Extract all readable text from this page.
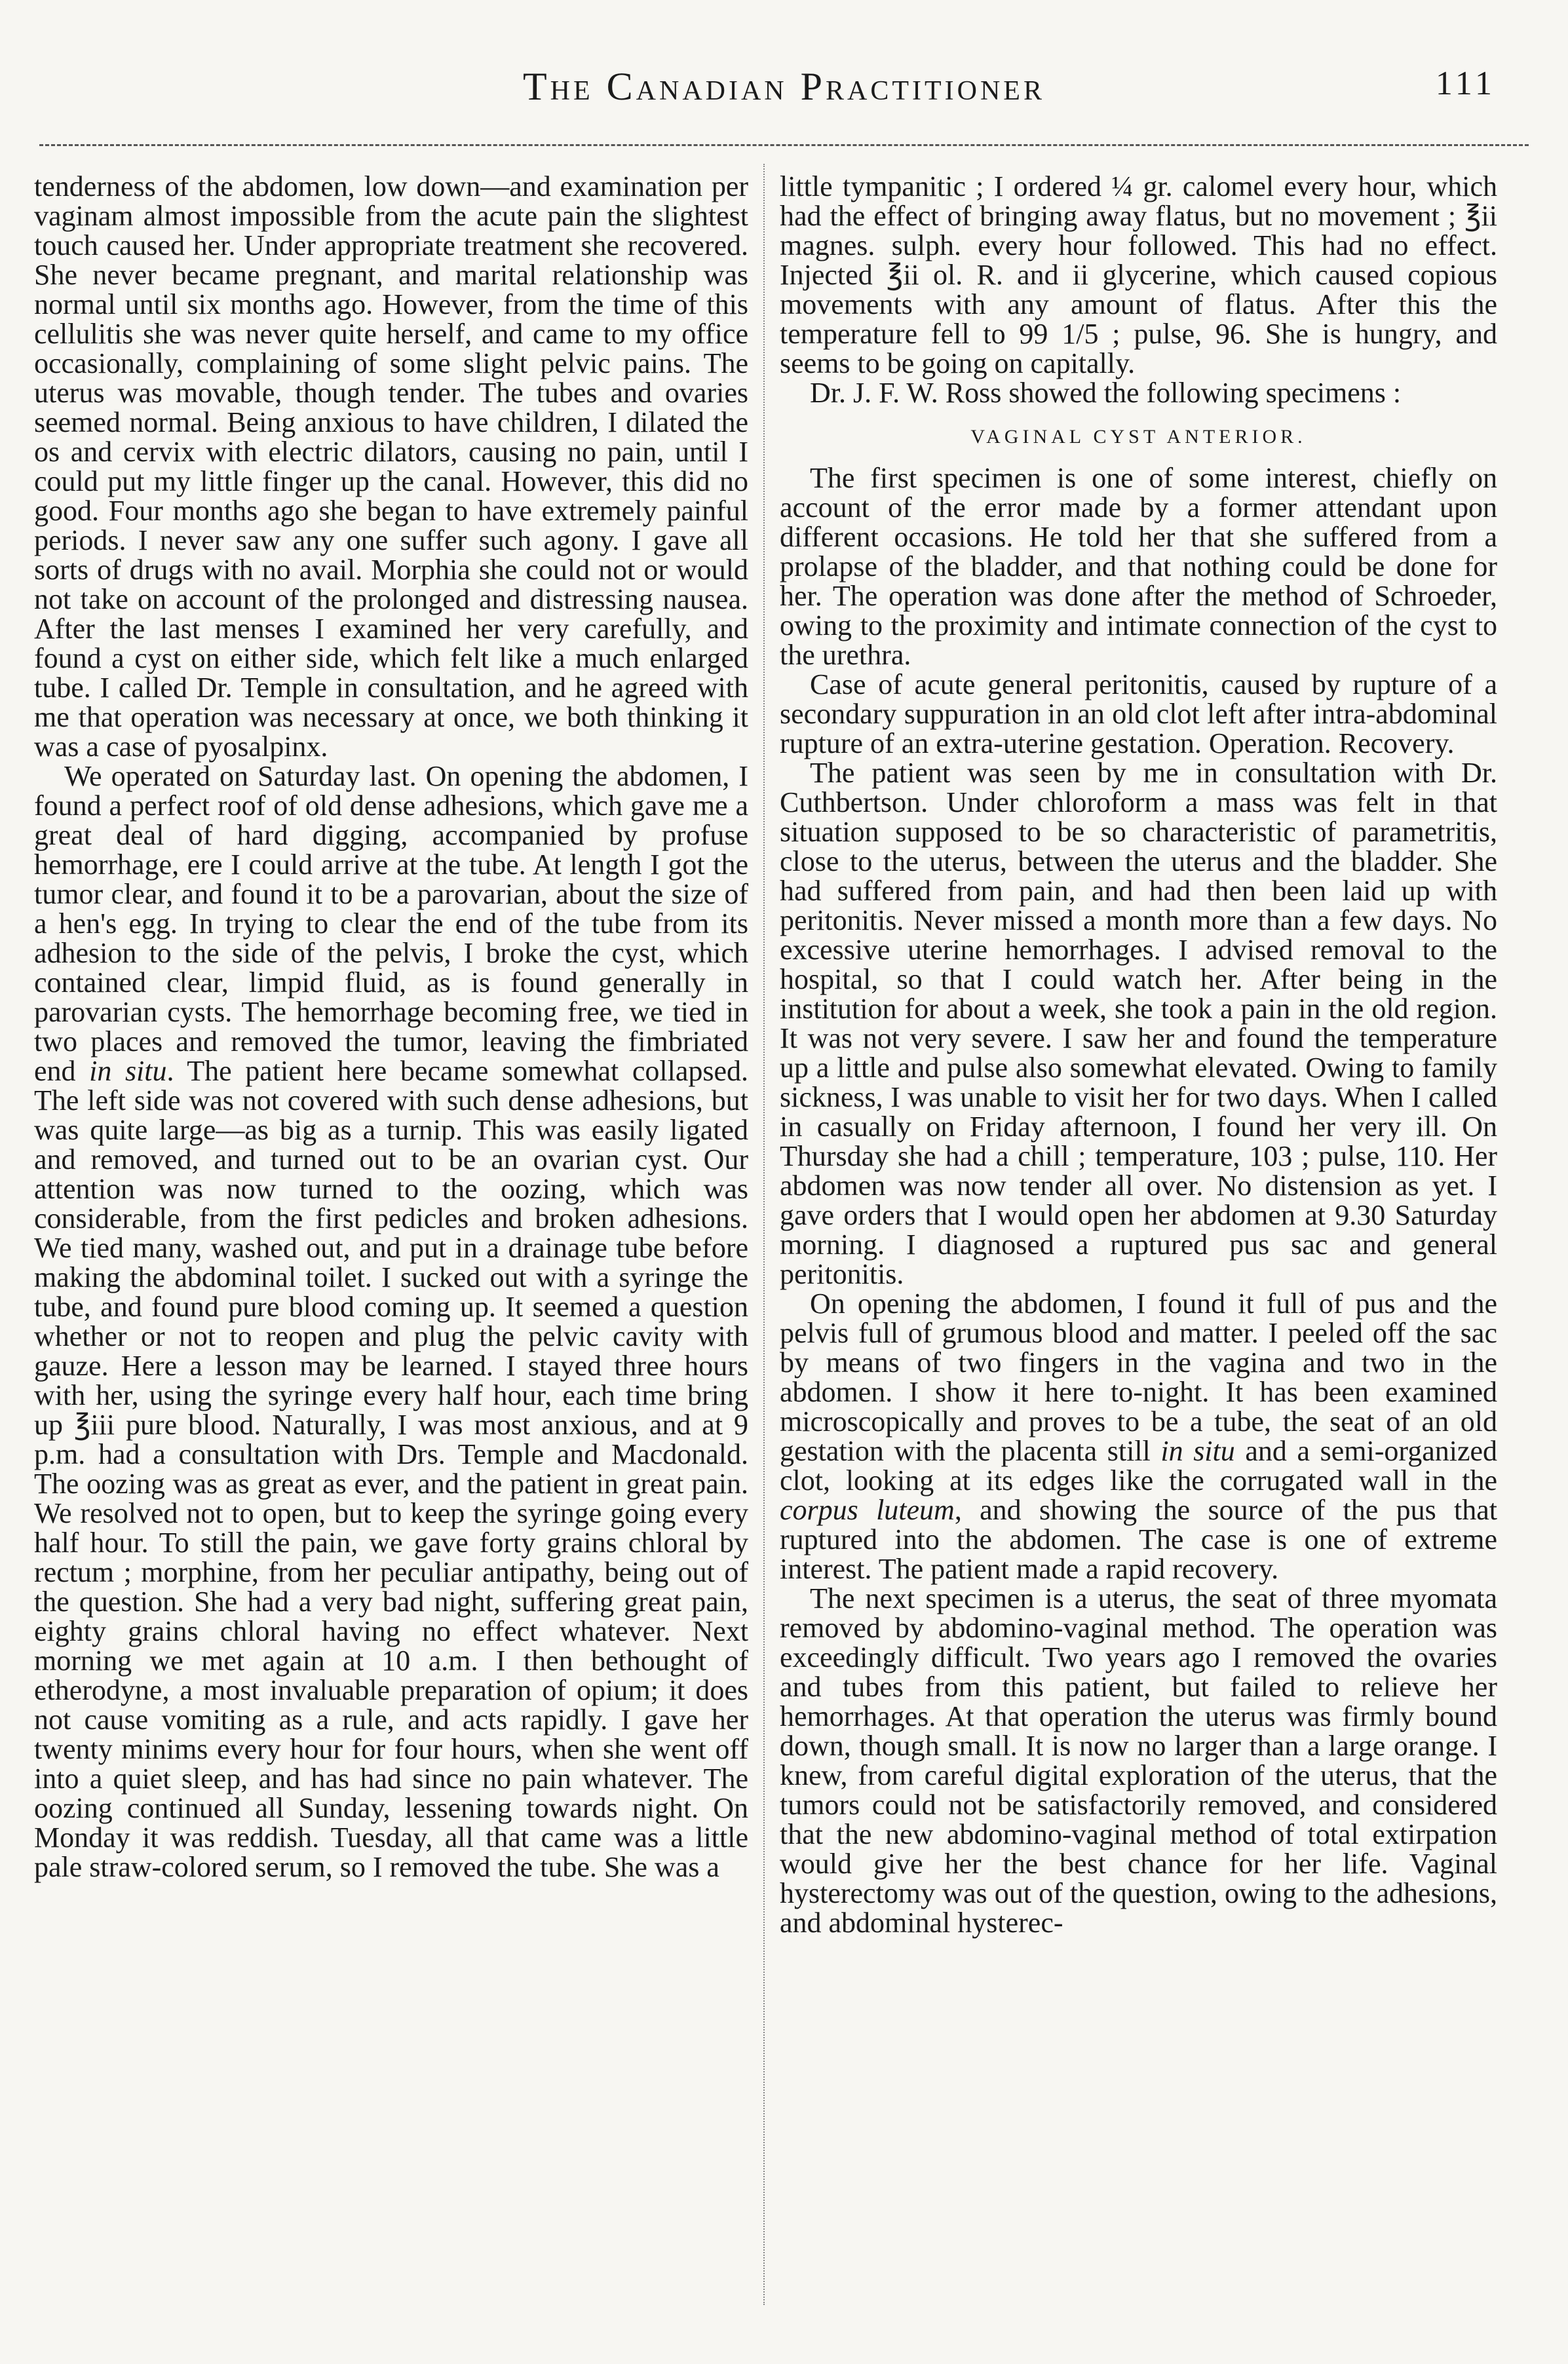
The Canadian Practitioner	111

tenderness of the abdomen, low down—and examination per vaginam almost impossible from the acute pain the slightest touch caused her. Under appropriate treatment she recovered. She never became pregnant, and marital relationship was normal until six months ago. However, from the time of this cellulitis she was never quite herself, and came to my office occasionally, complaining of some slight pelvic pains. The uterus was movable, though tender. The tubes and ovaries seemed normal. Being anxious to have children, I dilated the os and cervix with electric dilators, causing no pain, until I could put my little finger up the canal. However, this did no good. Four months ago she began to have extremely painful periods. I never saw any one suffer such agony. I gave all sorts of drugs with no avail. Morphia she could not or would not take on account of the prolonged and distressing nausea. After the last menses I examined her very carefully, and found a cyst on either side, which felt like a much enlarged tube. I called Dr. Temple in consultation, and he agreed with me that operation was necessary at once, we both thinking it was a case of pyosalpinx.

We operated on Saturday last. On opening the abdomen, I found a perfect roof of old dense adhesions, which gave me a great deal of hard digging, accompanied by profuse hemorrhage, ere I could arrive at the tube. At length I got the tumor clear, and found it to be a parovarian, about the size of a hen's egg. In trying to clear the end of the tube from its adhesion to the side of the pelvis, I broke the cyst, which contained clear, limpid fluid, as is found generally in parovarian cysts. The hemorrhage becoming free, we tied in two places and removed the tumor, leaving the fimbriated end in situ. The patient here became somewhat collapsed. The left side was not covered with such dense adhesions, but was quite large—as big as a turnip. This was easily ligated and removed, and turned out to be an ovarian cyst. Our attention was now turned to the oozing, which was considerable, from the first pedicles and broken adhesions. We tied many, washed out, and put in a drainage tube before making the abdominal toilet. I sucked out with a syringe the tube, and found pure blood coming up. It seemed a question whether or not to reopen and plug the pelvic cavity with gauze. Here a lesson may be learned. I stayed three hours with her, using the syringe every half hour, each time bring up ℥iii pure blood. Naturally, I was most anxious, and at 9 p.m. had a consultation with Drs. Temple and Macdonald. The oozing was as great as ever, and the patient in great pain. We resolved not to open, but to keep the syringe going every half hour. To still the pain, we gave forty grains chloral by rectum ; morphine, from her peculiar antipathy, being out of the question. She had a very bad night, suffering great pain, eighty grains chloral having no effect whatever. Next morning we met again at 10 a.m. I then bethought of etherodyne, a most invaluable preparation of opium; it does not cause vomiting as a rule, and acts rapidly. I gave her twenty minims every hour for four hours, when she went off into a quiet sleep, and has had since no pain whatever. The oozing continued all Sunday, lessening towards night. On Monday it was reddish. Tuesday, all that came was a little pale straw-colored serum, so I removed the tube. She was a

little tympanitic ; I ordered ¼ gr. calomel every hour, which had the effect of bringing away flatus, but no movement ; ℥ii magnes. sulph. every hour followed. This had no effect. Injected ℥ii ol. R. and ii glycerine, which caused copious movements with any amount of flatus. After this the temperature fell to 99 1/5 ; pulse, 96. She is hungry, and seems to be going on capitally.

Dr. J. F. W. Ross showed the following specimens :

VAGINAL CYST ANTERIOR.

The first specimen is one of some interest, chiefly on account of the error made by a former attendant upon different occasions. He told her that she suffered from a prolapse of the bladder, and that nothing could be done for her. The operation was done after the method of Schroeder, owing to the proximity and intimate connection of the cyst to the urethra.

Case of acute general peritonitis, caused by rupture of a secondary suppuration in an old clot left after intra-abdominal rupture of an extra-uterine gestation. Operation. Recovery.

The patient was seen by me in consultation with Dr. Cuthbertson. Under chloroform a mass was felt in that situation supposed to be so characteristic of parametritis, close to the uterus, between the uterus and the bladder. She had suffered from pain, and had then been laid up with peritonitis. Never missed a month more than a few days. No excessive uterine hemorrhages. I advised removal to the hospital, so that I could watch her. After being in the institution for about a week, she took a pain in the old region. It was not very severe. I saw her and found the temperature up a little and pulse also somewhat elevated. Owing to family sickness, I was unable to visit her for two days. When I called in casually on Friday afternoon, I found her very ill. On Thursday she had a chill ; temperature, 103 ; pulse, 110. Her abdomen was now tender all over. No distension as yet. I gave orders that I would open her abdomen at 9.30 Saturday morning. I diagnosed a ruptured pus sac and general peritonitis.

On opening the abdomen, I found it full of pus and the pelvis full of grumous blood and matter. I peeled off the sac by means of two fingers in the vagina and two in the abdomen. I show it here to-night. It has been examined microscopically and proves to be a tube, the seat of an old gestation with the placenta still in situ and a semi-organized clot, looking at its edges like the corrugated wall in the corpus luteum, and showing the source of the pus that ruptured into the abdomen. The case is one of extreme interest. The patient made a rapid recovery.

The next specimen is a uterus, the seat of three myomata removed by abdomino-vaginal method. The operation was exceedingly difficult. Two years ago I removed the ovaries and tubes from this patient, but failed to relieve her hemorrhages. At that operation the uterus was firmly bound down, though small. It is now no larger than a large orange. I knew, from careful digital exploration of the uterus, that the tumors could not be satisfactorily removed, and considered that the new abdomino-vaginal method of total extirpation would give her the best chance for her life. Vaginal hysterectomy was out of the question, owing to the adhesions, and abdominal hysterec-
